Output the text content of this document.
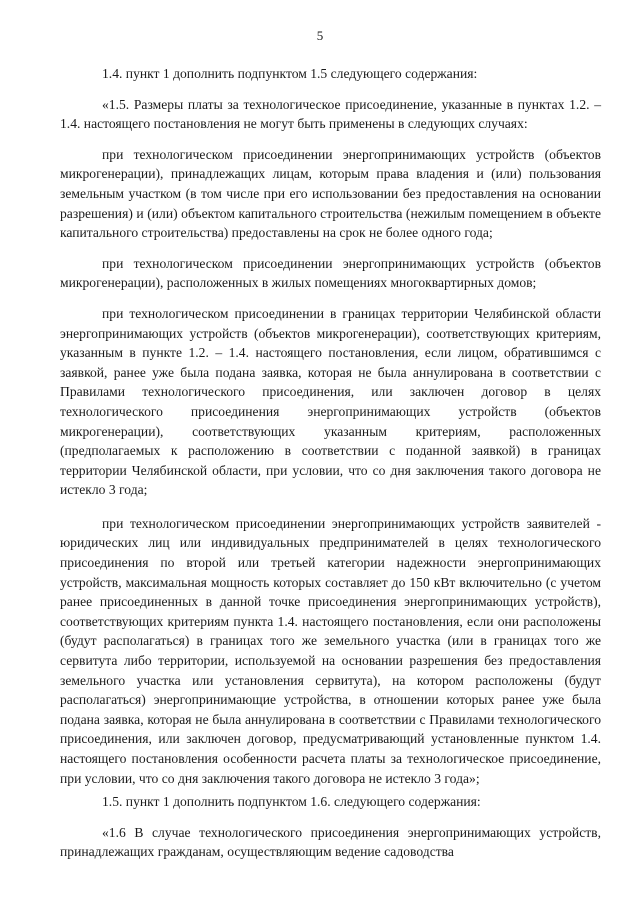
5

1.4. пункт 1 дополнить подпунктом 1.5 следующего содержания:

«1.5. Размеры платы за технологическое присоединение, указанные в пунктах 1.2. – 1.4. настоящего постановления не могут быть применены в следующих случаях:

при технологическом присоединении энергопринимающих устройств (объектов микрогенерации), принадлежащих лицам, которым права владения и (или) пользования земельным участком (в том числе при его использовании без предоставления на основании разрешения) и (или) объектом капитального строительства (нежилым помещением в объекте капитального строительства) предоставлены на срок не более одного года;

при технологическом присоединении энергопринимающих устройств (объектов микрогенерации), расположенных в жилых помещениях многоквартирных домов;

при технологическом присоединении в границах территории Челябинской области энергопринимающих устройств (объектов микрогенерации), соответствующих критериям, указанным в пункте 1.2. – 1.4. настоящего постановления, если лицом, обратившимся с заявкой, ранее уже была подана заявка, которая не была аннулирована в соответствии с Правилами технологического присоединения, или заключен договор в целях технологического присоединения энергопринимающих устройств (объектов микрогенерации), соответствующих указанным критериям, расположенных (предполагаемых к расположению в соответствии с поданной заявкой) в границах территории Челябинской области, при условии, что со дня заключения такого договора не истекло 3 года;

при технологическом присоединении энергопринимающих устройств заявителей - юридических лиц или индивидуальных предпринимателей в целях технологического присоединения по второй или третьей категории надежности энергопринимающих устройств, максимальная мощность которых составляет до 150 кВт включительно (с учетом ранее присоединенных в данной точке присоединения энергопринимающих устройств), соответствующих критериям пункта 1.4. настоящего постановления, если они расположены (будут располагаться) в границах того же земельного участка (или в границах того же сервитута либо территории, используемой на основании разрешения без предоставления земельного участка или установления сервитута), на котором расположены (будут располагаться) энергопринимающие устройства, в отношении которых ранее уже была подана заявка, которая не была аннулирована в соответствии с Правилами технологического присоединения, или заключен договор, предусматривающий установленные пунктом 1.4. настоящего постановления особенности расчета платы за технологическое присоединение, при условии, что со дня заключения такого договора не истекло 3 года»;

1.5. пункт 1 дополнить подпунктом 1.6. следующего содержания:

«1.6 В случае технологического присоединения энергопринимающих устройств, принадлежащих гражданам, осуществляющим ведение садоводства
